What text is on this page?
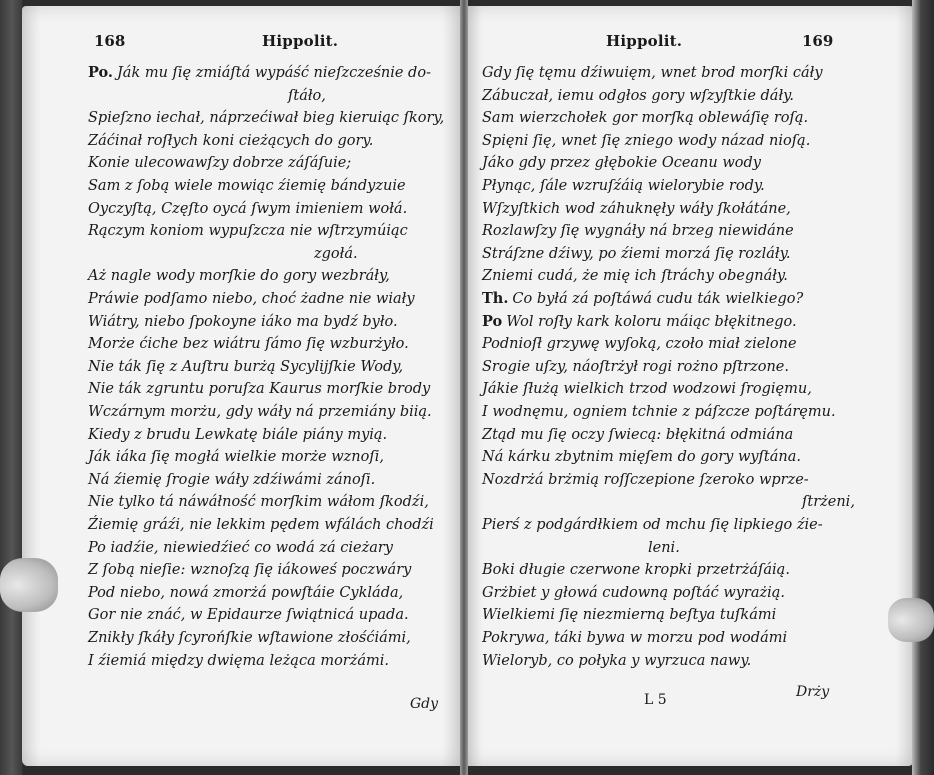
168	Hippolit.
Po. Ják mu ſię zmiáſtá wypáść nieſzcześnie do-
ſtáło,
Spieſzno iechał, náprzećiwał bieg kieruiąc ſkory,
Záćinał roſłych koni cieżących do gory.
Konie ulecowawſzy dobrze záſáſuie;
Sam z ſobą wiele mowiąc źiemię bándyzuie
Oyczyſtą, Częſto oycá ſwym imieniem wołá.
Rączym koniom wypuſzcza nie wſtrzymúiąc
zgołá.
Aż nagle wody morſkie do gory wezbráły,
Práwie podſamo niebo, choć żadne nie wiały
Wiátry, niebo ſpokoyne iáko ma bydź było.
Morże ćiche bez wiátru ſámo ſię wzburżyło.
Nie ták ſię z Auſtru burżą Sycylijſkie Wody,
Nie ták zgruntu poruſza Kaurus morſkie brody
Wczárnym morżu, gdy wáły ná przemiány biią.
Kiedy z brudu Lewkatę biále piány myią.
Ják iáka ſię mogłá wielkie morże wznoſi,
Ná źiemię ſrogie wáły zdźiwámi zánoſi.
Nie tylko tá náwáłność morſkim wáłom ſkodźi,
Źiemię gráźi, nie lekkim pędem wfálách chodźi
Po iadźie, niewiedźieć co wodá zá cieżary
Z ſobą nieſie: wznoſzą ſię iákoweś poczwáry
Pod niebo, nowá zmorżá powſtáie Cykláda,
Gor nie znáć, w Epidaurze ſwiątnicá upada.
Znikły ſkáły ſcyrońſkie wſtawione złośćiámi,
I źiemiá między dwięma leżąca morżámi.
Gdy
Hippolit.	169
Gdy ſię tęmu dźiwuięm, wnet brod morſki cáły
Zábuczał, iemu odgłos gory wſzyſtkie dáły.
Sam wierzchołek gor morſką oblewáſię roſą.
Spięni ſię, wnet ſię zniego wody názad nioſą.
Jáko gdy przez głębokie Oceanu wody
Płynąc, ſále wzruſźáią wielorybie rody.
Wſzyſtkich wod záhuknęły wáły ſkołátáne,
Rozlawſzy ſię wygnáły ná brzeg niewidáne
Stráſzne dźiwy, po źiemi morzá ſię rozláły.
Zniemi cudá, że mię ich ſtráchy obegnáły.
Th. Co byłá zá poſtáwá cudu ták wielkiego?
Po Wol roſły kark koloru máiąc błękitnego.
Podnioſł grzywę wyſoką, czoło miał zielone
Srogie uſzy, náoſtrżył rogi rożno pſtrzone.
Jákie ſłużą wielkich trzod wodzowi ſrogięmu,
I wodnęmu, ogniem tchnie z páſzcze poſtáręmu.
Ztąd mu ſię oczy ſwiecą: błękitná odmiána
Ná kárku zbytnim mięſem do gory wyſtána.
Nozdrżá brżmią roſſczepione ſzeroko wprze-
ſtrżeni,
Pierś z podgárdłkiem od mchu ſię lipkiego źie-
leni.
Boki długie czerwone kropki przetrżáſáią.
Grżbiet y głowá cudowną poſtáć wyrażią.
Wielkiemi ſię niezmierną beſtya tuſkámi
Pokrywa, táki bywa w morzu pod wodámi
Wieloryb, co połyka y wyrzuca nawy.
L 5	Drży
